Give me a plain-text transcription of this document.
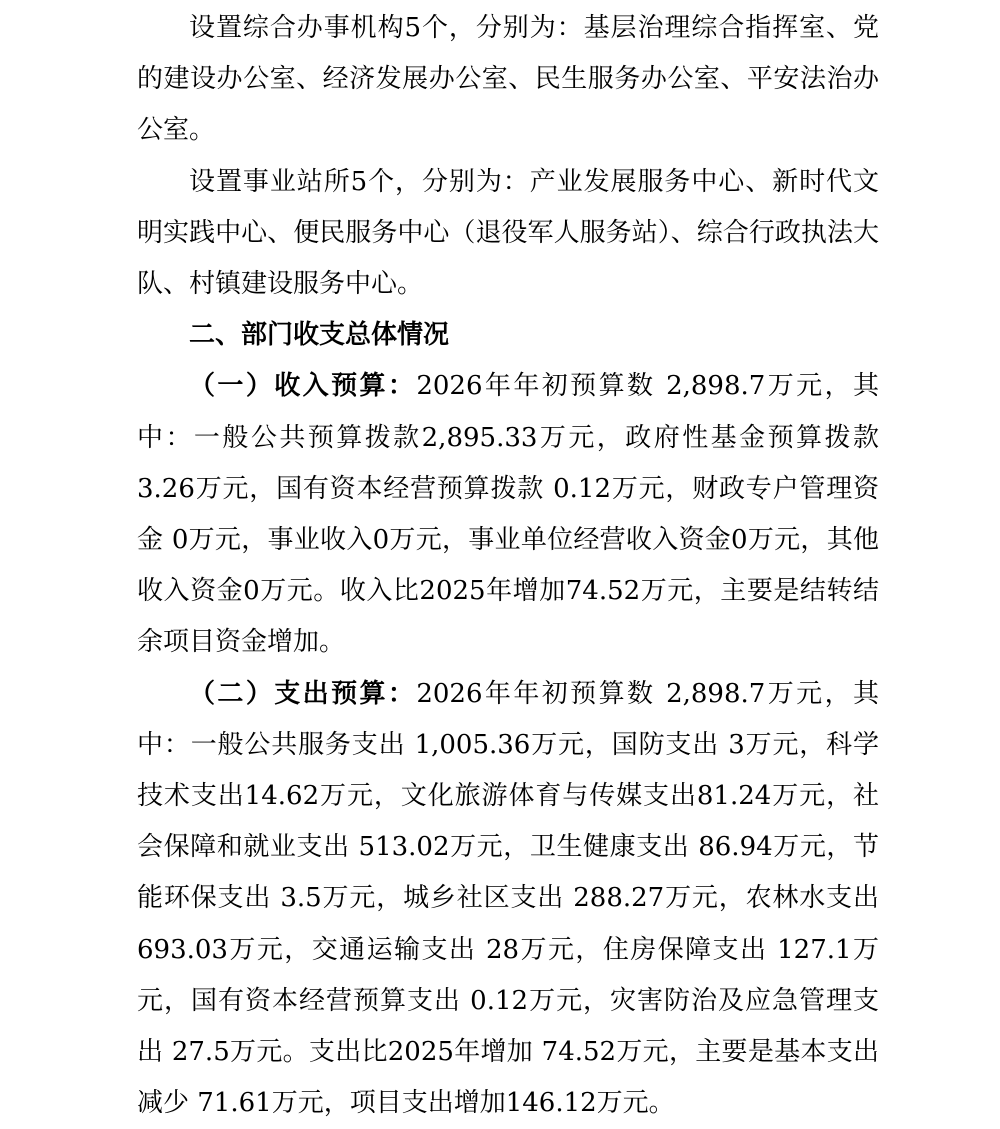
设置综合办事机构5个，分别为：基层治理综合指挥室、党的建设办公室、经济发展办公室、民生服务办公室、平安法治办公室。

设置事业站所5个，分别为：产业发展服务中心、新时代文明实践中心、便民服务中心（退役军人服务站）、综合行政执法大队、村镇建设服务中心。

二、部门收支总体情况

（一）收入预算：2026年年初预算数 2,898.7万元，其中：一般公共预算拨款2,895.33万元，政府性基金预算拨款3.26万元，国有资本经营预算拨款 0.12万元，财政专户管理资金 0万元，事业收入0万元，事业单位经营收入资金0万元，其他收入资金0万元。收入比2025年增加74.52万元，主要是结转结余项目资金增加。

（二）支出预算：2026年年初预算数 2,898.7万元，其中：一般公共服务支出 1,005.36万元，国防支出 3万元，科学技术支出14.62万元，文化旅游体育与传媒支出81.24万元，社会保障和就业支出 513.02万元，卫生健康支出 86.94万元，节能环保支出 3.5万元，城乡社区支出 288.27万元，农林水支出 693.03万元，交通运输支出 28万元，住房保障支出 127.1万元，国有资本经营预算支出 0.12万元，灾害防治及应急管理支出 27.5万元。支出比2025年增加 74.52万元，主要是基本支出减少 71.61万元，项目支出增加146.12万元。
